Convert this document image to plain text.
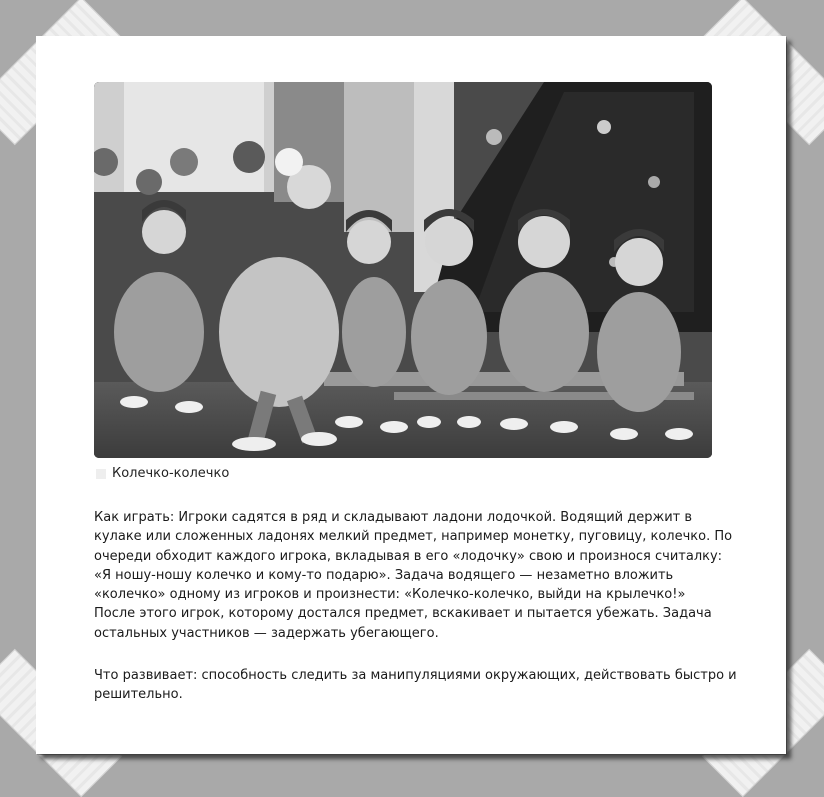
Колечко-колечко
Как играть: Игроки садятся в ряд и складывают ладони лодочкой. Водящий держит в
кулаке или сложенных ладонях мелкий предмет, например монетку, пуговицу, колечко. По
очереди обходит каждого игрока, вкладывая в его «лодочку» свою и произнося считалку:
«Я ношу-ношу колечко и кому-то подарю». Задача водящего — незаметно вложить
«колечко» одному из игроков и произнести: «Колечко-колечко, выйди на крылечко!»
После этого игрок, которому достался предмет, вскакивает и пытается убежать. Задача
остальных участников — задержать убегающего.
Что развивает: способность следить за манипуляциями окружающих, действовать быстро и
решительно.
